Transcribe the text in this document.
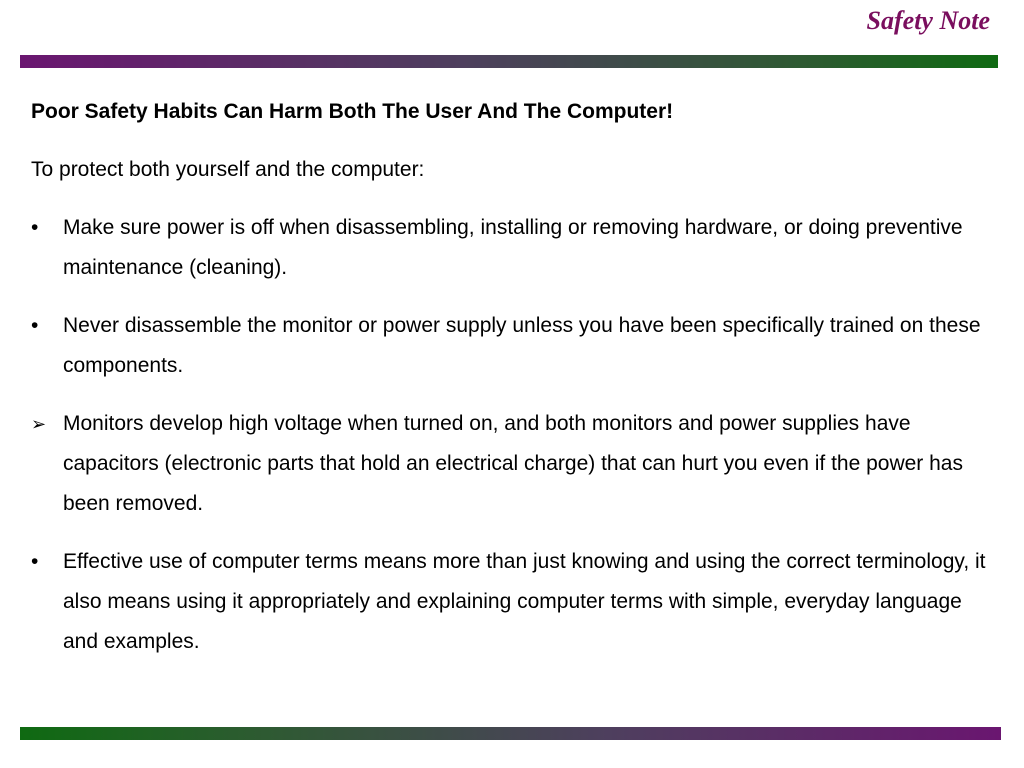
Safety Note

Poor Safety Habits Can Harm Both The User And The Computer!

To protect both yourself and the computer:

•	Make sure power is off when disassembling, installing or removing hardware, or doing preventive maintenance (cleaning).
•	Never disassemble the monitor or power supply unless you have been specifically trained on these components.
➢ Monitors develop high voltage when turned on, and both monitors and power supplies have capacitors (electronic parts that hold an electrical charge) that can hurt you even if the power has been removed.
•	Effective use of computer terms means more than just knowing and using the correct terminology, it also means using it appropriately and explaining computer terms with simple, everyday language and examples.
